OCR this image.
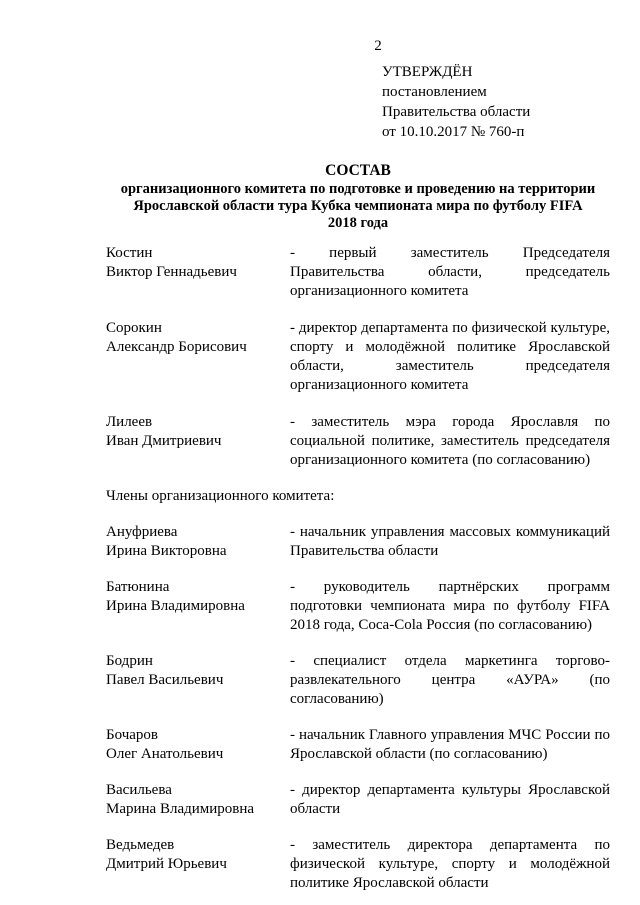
2
УТВЕРЖДЁН
постановлением
Правительства области
от 10.10.2017 № 760-п
СОСТАВ
организационного комитета по подготовке и проведению на территории
Ярославской области тура Кубка чемпионата мира по футболу FIFA
2018 года
Костин
Виктор Геннадьевич
- первый заместитель Председателя Правительства области, председатель организационного комитета
Сорокин
Александр Борисович
- директор департамента по физической культуре, спорту и молодёжной политике Ярославской области, заместитель председателя организационного комитета
Лилеев
Иван Дмитриевич
- заместитель мэра города Ярославля по социальной политике, заместитель председателя организационного комитета (по согласованию)
Члены организационного комитета:
Ануфриева
Ирина Викторовна
- начальник управления массовых коммуникаций Правительства области
Батюнина
Ирина Владимировна
- руководитель партнёрских программ подготовки чемпионата мира по футболу FIFA 2018 года, Coca-Cola Россия (по согласованию)
Бодрин
Павел Васильевич
- специалист отдела маркетинга торгово-развлекательного центра «АУРА» (по согласованию)
Бочаров
Олег Анатольевич
- начальник Главного управления МЧС России по Ярославской области (по согласованию)
Васильева
Марина Владимировна
- директор департамента культуры Ярославской области
Ведьмедев
Дмитрий Юрьевич
- заместитель директора департамента по физической культуре, спорту и молодёжной политике Ярославской области
